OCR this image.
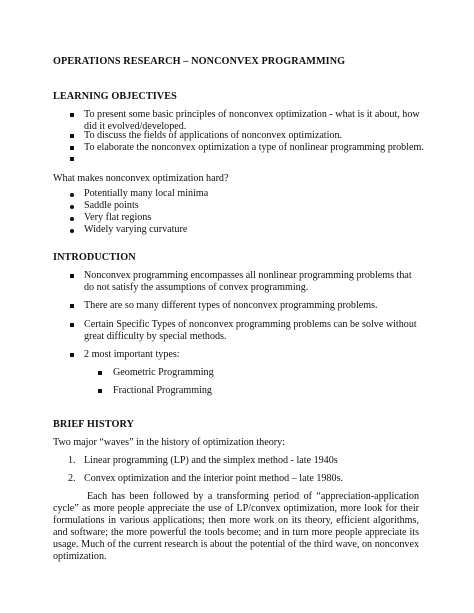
OPERATIONS RESEARCH – NONCONVEX PROGRAMMING
LEARNING OBJECTIVES
To present some basic principles of nonconvex optimization - what is it about, how did it evolved/developed.
To discuss the fields of applications of nonconvex optimization.
To elaborate the nonconvex optimization a type of nonlinear programming problem.
What makes nonconvex optimization hard?
Potentially many local minima
Saddle points
Very flat regions
Widely varying curvature
INTRODUCTION
Nonconvex programming encompasses all nonlinear programming problems that do not satisfy the assumptions of convex programming.
There are so many different types of nonconvex programming problems.
Certain Specific Types of nonconvex programming problems can be solve without great difficulty by special methods.
2 most important types:
Geometric Programming
Fractional Programming
BRIEF HISTORY
Two major “waves” in the history of optimization theory:
1. Linear programming (LP) and the simplex method - late 1940s
2. Convex optimization and the interior point method – late 1980s.
Each has been followed by a transforming period of “appreciation-application cycle” as more people appreciate the use of LP/convex optimization, more look for their formulations in various applications; then more work on its theory, efficient algorithms, and software; the more powerful the tools become; and in turn more people appreciate its usage. Much of the current research is about the potential of the third wave, on nonconvex optimization.
